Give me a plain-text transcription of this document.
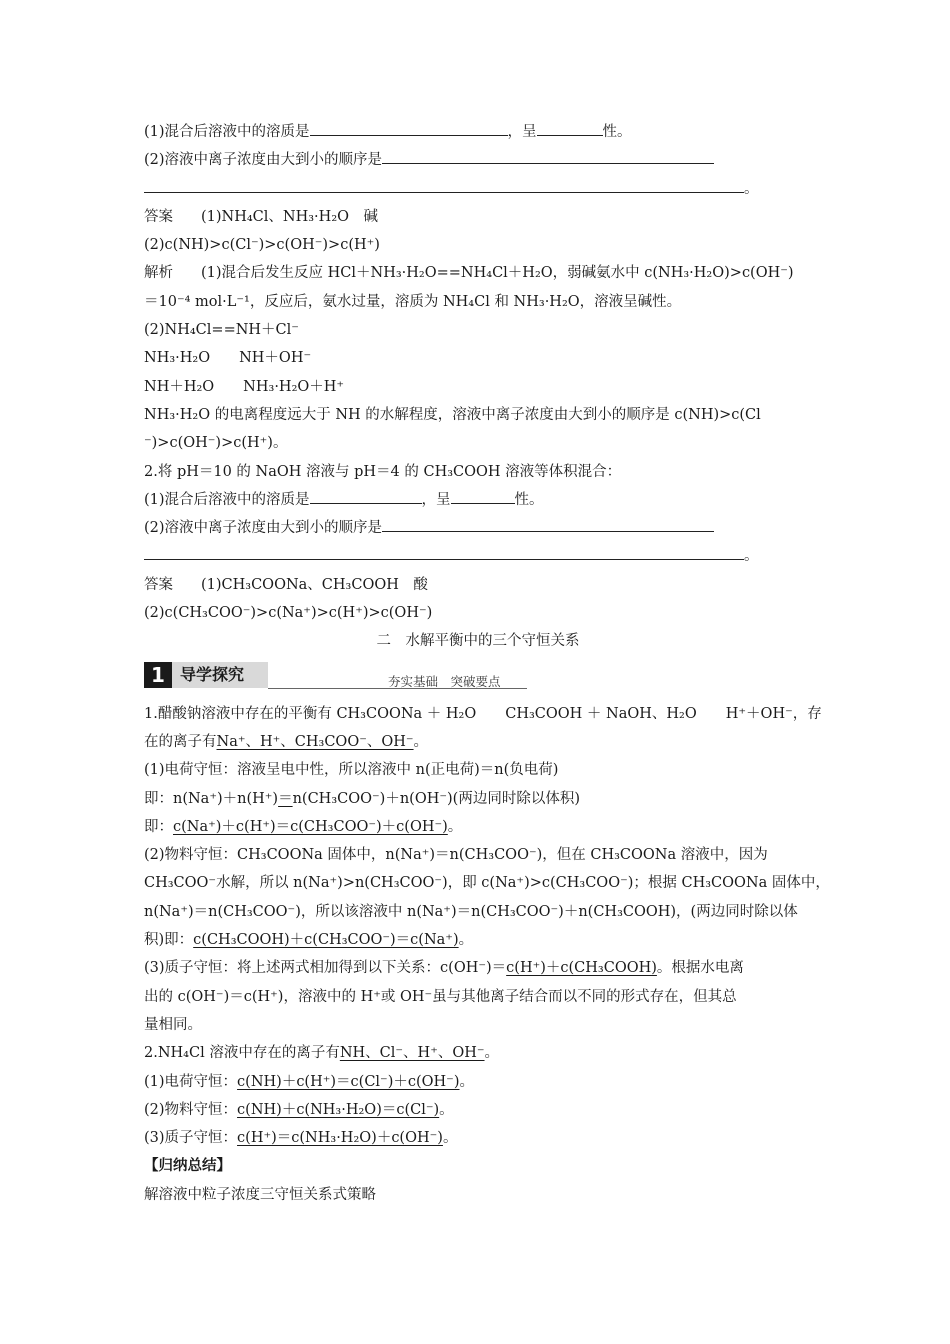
(1)混合后溶液中的溶质是	，呈	性。
(2)溶液中离子浓度由大到小的顺序是
。
答案 (1)NH₄Cl、NH₃·H₂O　碱
(2)c(NH)>c(Cl⁻)>c(OH⁻)>c(H⁺)
解析 (1)混合后发生反应 HCl＋NH₃·H₂O==NH₄Cl＋H₂O，弱碱氨水中 c(NH₃·H₂O)>c(OH⁻)
＝10⁻⁴ mol·L⁻¹，反应后，氨水过量，溶质为 NH₄Cl 和 NH₃·H₂O，溶液呈碱性。
(2)NH₄Cl==NH＋Cl⁻
NH₃·H₂O　　NH＋OH⁻
NH＋H₂O　　NH₃·H₂O＋H⁺
NH₃·H₂O 的电离程度远大于 NH 的水解程度，溶液中离子浓度由大到小的顺序是 c(NH)>c(Cl
⁻)>c(OH⁻)>c(H⁺)。
2.将 pH＝10 的 NaOH 溶液与 pH＝4 的 CH₃COOH 溶液等体积混合：
(1)混合后溶液中的溶质是	，呈	性。
(2)溶液中离子浓度由大到小的顺序是
。
答案 (1)CH₃COONa、CH₃COOH　酸
(2)c(CH₃COO⁻)>c(Na⁺)>c(H⁺)>c(OH⁻)
二　水解平衡中的三个守恒关系
1 导学探究	夯实基础　突破要点
1.醋酸钠溶液中存在的平衡有 CH₃COONa ＋ H₂O　　CH₃COOH ＋ NaOH、H₂O　　H⁺＋OH⁻，存
在的离子有Na⁺、H⁺、CH₃COO⁻、OH⁻。
(1)电荷守恒：溶液呈电中性，所以溶液中 n(正电荷)＝n(负电荷)
即：n(Na⁺)＋n(H⁺)＝n(CH₃COO⁻)＋n(OH⁻)(两边同时除以体积)
即：c(Na⁺)＋c(H⁺)＝c(CH₃COO⁻)＋c(OH⁻)。
(2)物料守恒：CH₃COONa 固体中，n(Na⁺)＝n(CH₃COO⁻)，但在 CH₃COONa 溶液中，因为
CH₃COO⁻水解，所以 n(Na⁺)>n(CH₃COO⁻)，即 c(Na⁺)>c(CH₃COO⁻)；根据 CH₃COONa 固体中，
n(Na⁺)＝n(CH₃COO⁻)，所以该溶液中 n(Na⁺)＝n(CH₃COO⁻)＋n(CH₃COOH)，(两边同时除以体
积)即：c(CH₃COOH)＋c(CH₃COO⁻)＝c(Na⁺)。
(3)质子守恒：将上述两式相加得到以下关系：c(OH⁻)＝c(H⁺)＋c(CH₃COOH)。根据水电离
出的 c(OH⁻)＝c(H⁺)，溶液中的 H⁺或 OH⁻虽与其他离子结合而以不同的形式存在，但其总
量相同。
2.NH₄Cl 溶液中存在的离子有NH、Cl⁻、H⁺、OH⁻。
(1)电荷守恒：c(NH)＋c(H⁺)＝c(Cl⁻)＋c(OH⁻)。
(2)物料守恒：c(NH)＋c(NH₃·H₂O)＝c(Cl⁻)。
(3)质子守恒：c(H⁺)＝c(NH₃·H₂O)＋c(OH⁻)。
【归纳总结】
解溶液中粒子浓度三守恒关系式策略
